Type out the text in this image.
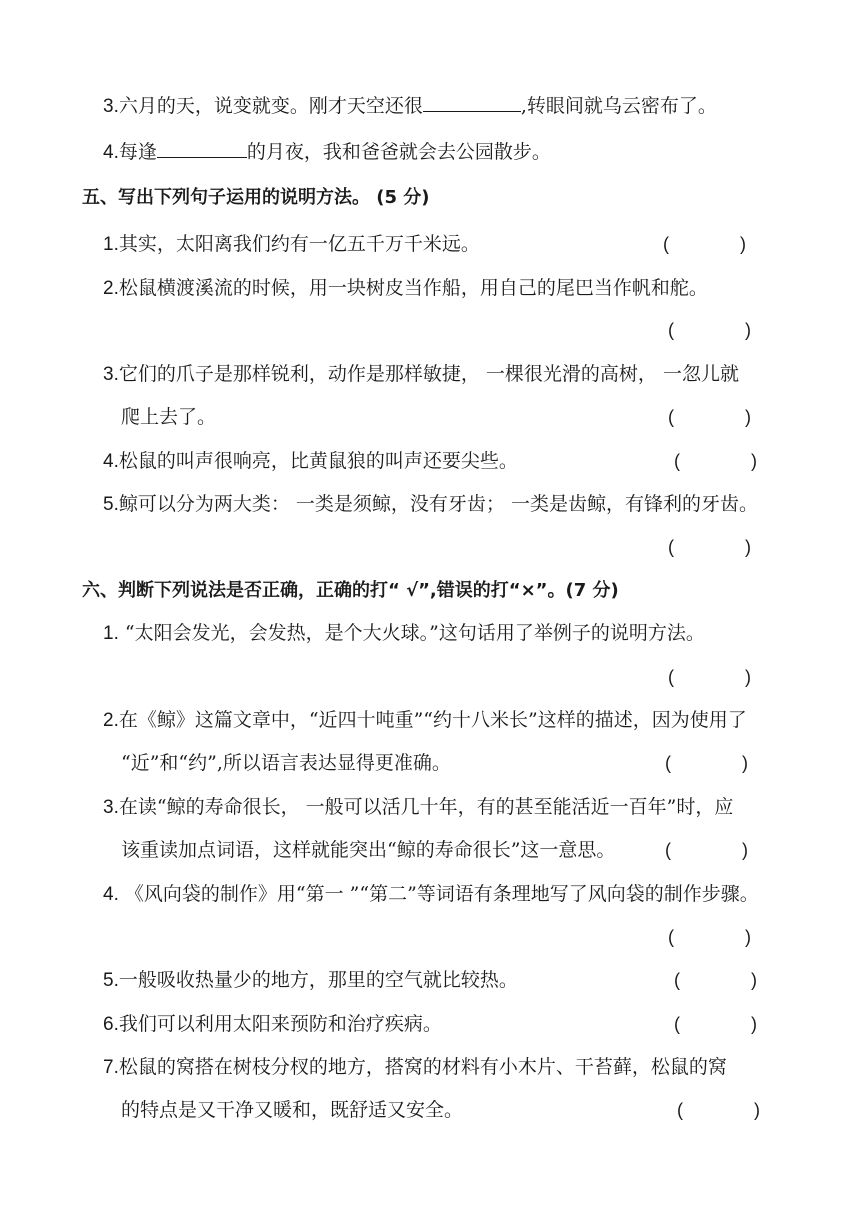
3.六月的天，说变就变。刚才天空还很	,转眼间就乌云密布了。
4.每逢	的月夜，我和爸爸就会去公园散步。
五、写出下列句子运用的说明方法。 (5 分)
1.其实，太阳离我们约有一亿五千万千米远。	(	)
2.松鼠横渡溪流的时候，用一块树皮当作船，用自己的尾巴当作帆和舵。
(	)
3.它们的爪子是那样锐利，动作是那样敏捷， 一棵很光滑的高树， 一忽儿就
爬上去了。	(	)
4.松鼠的叫声很响亮，比黄鼠狼的叫声还要尖些。	(	)
5.鲸可以分为两大类： 一类是须鲸，没有牙齿； 一类是齿鲸，有锋利的牙齿。
(	)
六、判断下列说法是否正确，正确的打“ √”,错误的打“×”。(7 分)
1. “太阳会发光，会发热，是个大火球。”这句话用了举例子的说明方法。
(	)
2.在《鲸》这篇文章中，“近四十吨重”“约十八米长”这样的描述，因为使用了
“近”和“约”,所以语言表达显得更准确。	(	)
3.在读“鲸的寿命很长， 一般可以活几十年，有的甚至能活近一百年”时，应
该重读加点词语，这样就能突出“鲸的寿命很长”这一意思。	(	)
4. 《风向袋的制作》用“第一 ”“第二”等词语有条理地写了风向袋的制作步骤。
(	)
5.一般吸收热量少的地方，那里的空气就比较热。	(	)
6.我们可以利用太阳来预防和治疗疾病。	(	)
7.松鼠的窝搭在树枝分杈的地方，搭窝的材料有小木片、干苔藓，松鼠的窝
的特点是又干净又暖和，既舒适又安全。	(	)
